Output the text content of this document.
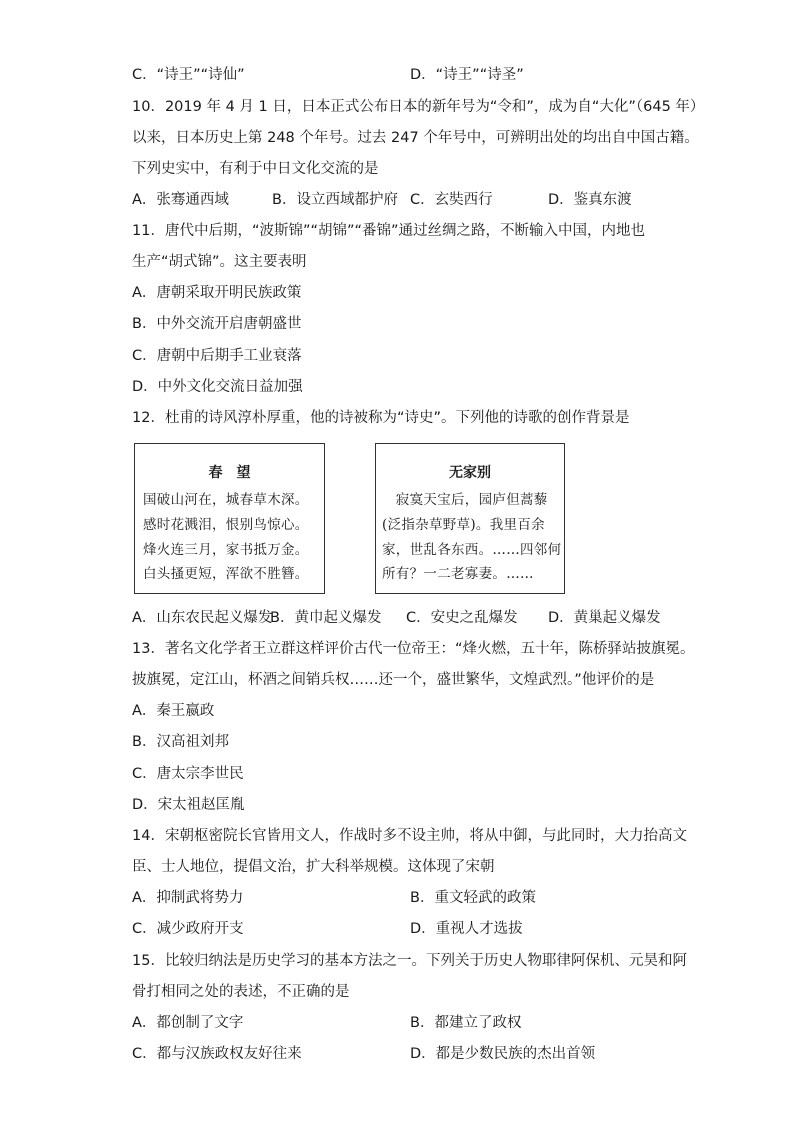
C．“诗王”“诗仙”	D．“诗王”“诗圣”
10．2019 年 4 月 1 日，日本正式公布日本的新年号为“令和”，成为自“大化”（645 年）
以来，日本历史上第 248 个年号。过去 247 个年号中，可辨明出处的均出自中国古籍。
下列史实中，有利于中日文化交流的是
A．张骞通西域	B．设立西域都护府 C．玄奘西行	D．鉴真东渡
11．唐代中后期，“波斯锦”“胡锦”“番锦”通过丝绸之路，不断输入中国，内地也
生产“胡式锦”。这主要表明
A．唐朝采取开明民族政策
B．中外交流开启唐朝盛世
C．唐朝中后期手工业衰落
D．中外文化交流日益加强
12．杜甫的诗风淳朴厚重，他的诗被称为“诗史”。下列他的诗歌的创作背景是
春　望
国破山河在，城春草木深。
感时花溅泪，恨别鸟惊心。
烽火连三月，家书抵万金。
白头搔更短，浑欲不胜簪。
无家别
　寂寞天宝后，园庐但蒿藜
(泛指杂草野草)。我里百余
家，世乱各东西。……四邻何
所有？一二老寡妻。……
A．山东农民起义爆发
B．黄巾起义爆发 C．安史之乱爆发 D．黄巢起义爆发
13．著名文化学者王立群这样评价古代一位帝王：“烽火燃，五十年，陈桥驿站披旗冕。
披旗冕，定江山，杯酒之间销兵权……还一个，盛世繁华，文煌武烈。”他评价的是
A．秦王嬴政
B．汉高祖刘邦
C．唐太宗李世民
D．宋太祖赵匡胤
14．宋朝枢密院长官皆用文人，作战时多不设主帅，将从中御，与此同时，大力抬高文
臣、士人地位，提倡文治，扩大科举规模。这体现了宋朝
A．抑制武将势力	B．重文轻武的政策
C．减少政府开支	D．重视人才选拔
15．比较归纳法是历史学习的基本方法之一。下列关于历史人物耶律阿保机、元昊和阿
骨打相同之处的表述，不正确的是
A．都创制了文字	B．都建立了政权
C．都与汉族政权友好往来	D．都是少数民族的杰出首领
